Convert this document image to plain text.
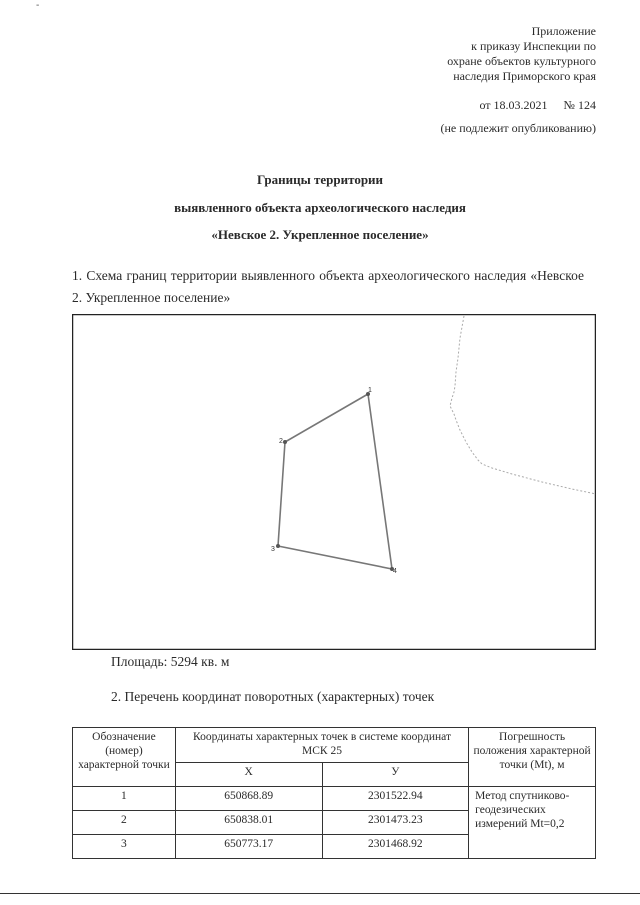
-
Приложение
к приказу Инспекции по
охране объектов культурного
наследия Приморского края
от 18.03.2021 № 124
(не подлежит опубликованию)
Границы территории
выявленного объекта археологического наследия
«Невское 2. Укрепленное поселение»
1. Схема границ территории выявленного объекта археологического наследия «Невское 2. Укрепленное поселение»
1
2
3
4
Площадь: 5294 кв. м
2. Перечень координат поворотных (характерных) точек
Обозначение (номер) характерной точки	Координаты характерных точек в системе координат МСК 25		Погрешность положения характерной точки (Mt), м
	X	У	
1	650868.89	2301522.94	Метод спутниково-геодезических измерений Mt=0,2
2	650838.01	2301473.23	
3	650773.17	2301468.92	
